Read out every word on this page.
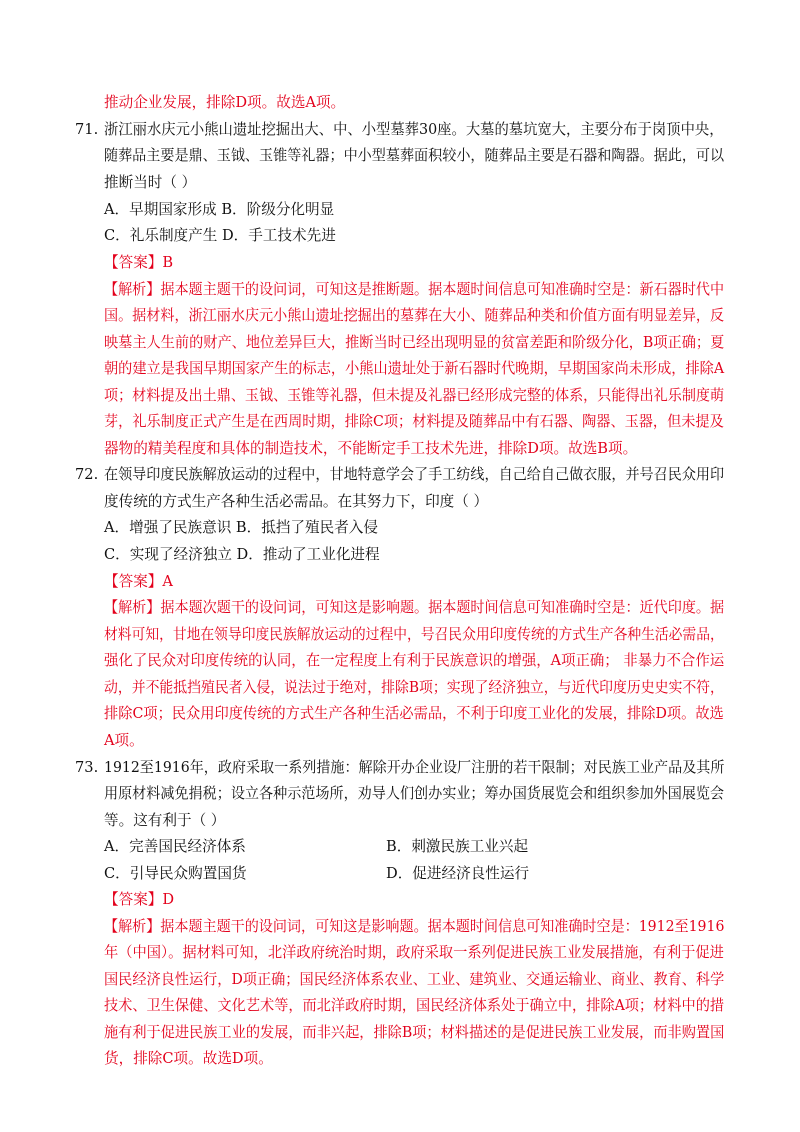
推动企业发展，排除D项。故选A项。
71. 浙江丽水庆元小熊山遗址挖掘出大、中、小型墓葬30座。大墓的墓坑宽大，主要分布于岗顶中央，
随葬品主要是鼎、玉钺、玉锥等礼器；中小型墓葬面积较小，随葬品主要是石器和陶器。据此，可以
推断当时（ ）
A．早期国家形成 B．阶级分化明显
C．礼乐制度产生 D．手工技术先进
【答案】B
【解析】据本题主题干的设问词，可知这是推断题。据本题时间信息可知准确时空是：新石器时代中
国。据材料，浙江丽水庆元小熊山遗址挖掘出的墓葬在大小、随葬品种类和价值方面有明显差异，反
映墓主人生前的财产、地位差异巨大，推断当时已经出现明显的贫富差距和阶级分化，B项正确；夏
朝的建立是我国早期国家产生的标志，小熊山遗址处于新石器时代晚期，早期国家尚未形成，排除A
项；材料提及出土鼎、玉钺、玉锥等礼器，但未提及礼器已经形成完整的体系，只能得出礼乐制度萌
芽，礼乐制度正式产生是在西周时期，排除C项；材料提及随葬品中有石器、陶器、玉器，但未提及
器物的精美程度和具体的制造技术，不能断定手工技术先进，排除D项。故选B项。
72. 在领导印度民族解放运动的过程中，甘地特意学会了手工纺线，自己给自己做衣服，并号召民众用印
度传统的方式生产各种生活必需品。在其努力下，印度（ ）
A．增强了民族意识 B．抵挡了殖民者入侵
C．实现了经济独立 D．推动了工业化进程
【答案】A
【解析】据本题次题干的设问词，可知这是影响题。据本题时间信息可知准确时空是：近代印度。据
材料可知，甘地在领导印度民族解放运动的过程中，号召民众用印度传统的方式生产各种生活必需品，
强化了民众对印度传统的认同，在一定程度上有利于民族意识的增强，A项正确； 非暴力不合作运
动，并不能抵挡殖民者入侵，说法过于绝对，排除B项；实现了经济独立，与近代印度历史史实不符，
排除C项；民众用印度传统的方式生产各种生活必需品，不利于印度工业化的发展，排除D项。故选
A项。
73. 1912至1916年，政府采取一系列措施：解除开办企业设厂注册的若干限制；对民族工业产品及其所
用原材料减免捐税；设立各种示范场所，劝导人们创办实业；筹办国货展览会和组织参加外国展览会
等。这有利于（ ）
A．完善国民经济体系	B．刺激民族工业兴起
C．引导民众购置国货	D．促进经济良性运行
【答案】D
【解析】据本题主题干的设问词，可知这是影响题。据本题时间信息可知准确时空是：1912至1916
年（中国）。据材料可知，北洋政府统治时期，政府采取一系列促进民族工业发展措施，有利于促进
国民经济良性运行，D项正确；国民经济体系农业、工业、建筑业、交通运输业、商业、教育、科学
技术、卫生保健、文化艺术等，而北洋政府时期，国民经济体系处于确立中，排除A项；材料中的措
施有利于促进民族工业的发展，而非兴起，排除B项；材料描述的是促进民族工业发展，而非购置国
货，排除C项。故选D项。
